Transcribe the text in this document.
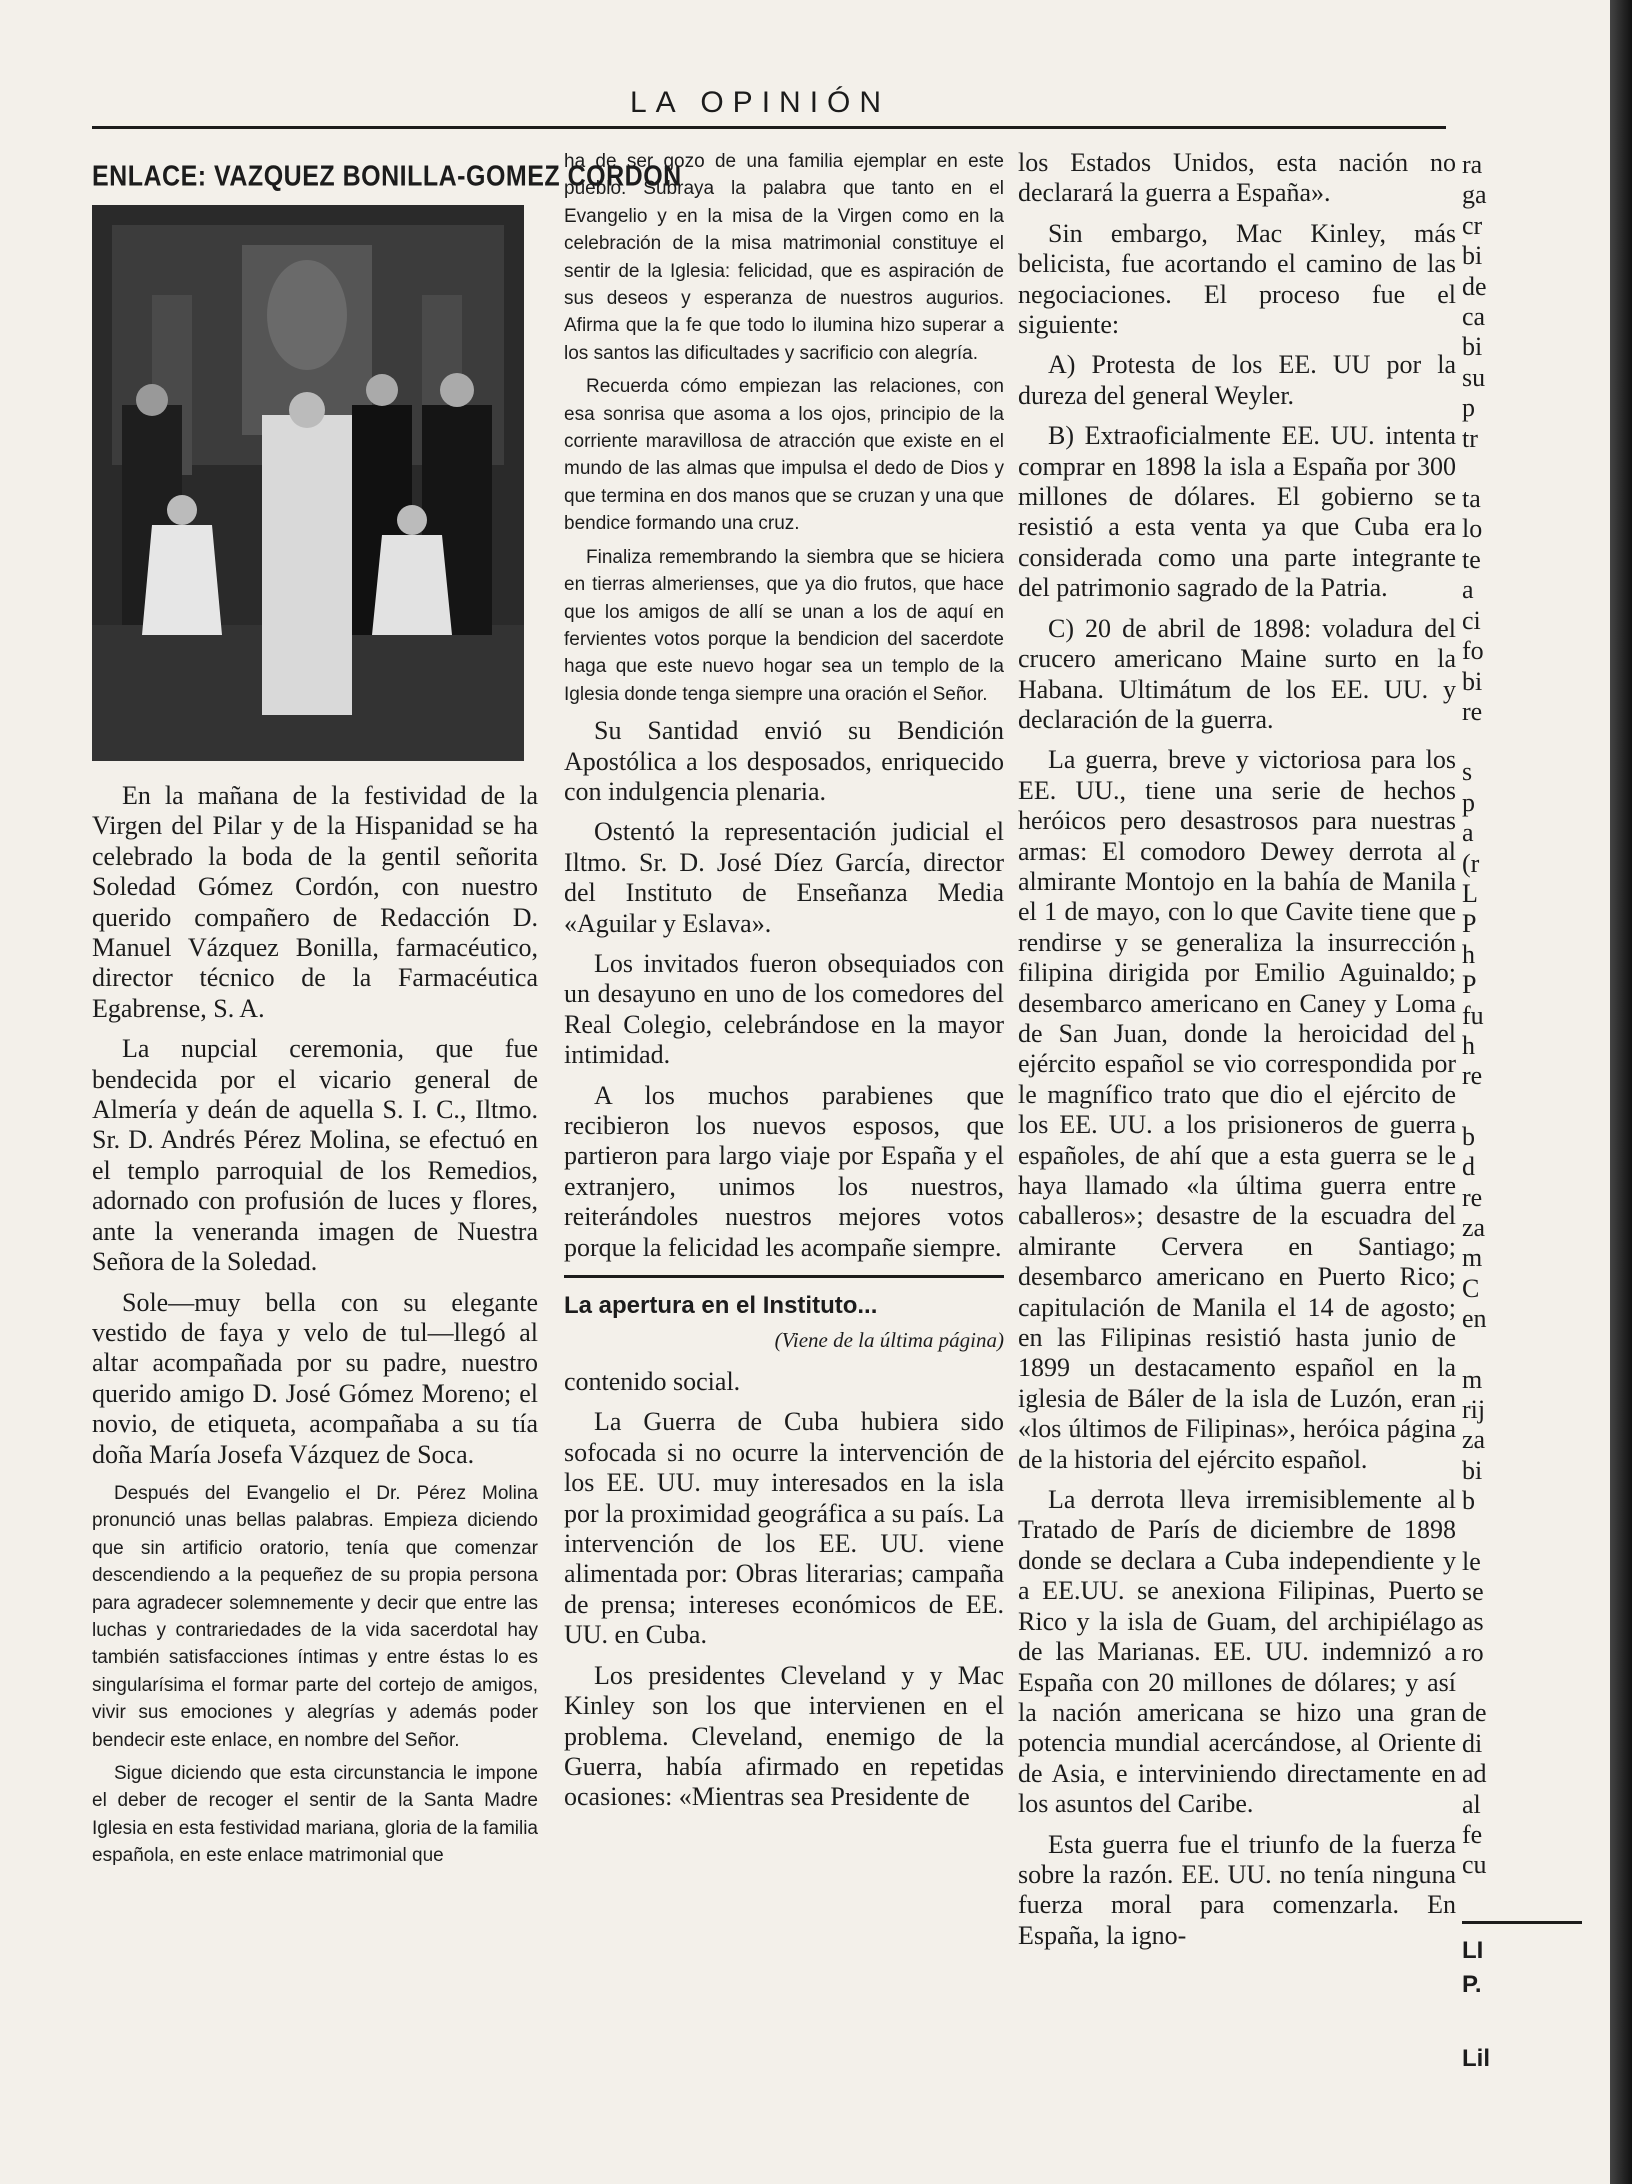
LA OPINIÓN
ENLACE: VAZQUEZ BONILLA-GOMEZ CORDON

En la mañana de la festividad de la Virgen del Pilar y de la Hispanidad se ha celebrado la boda de la gentil señorita Soledad Gómez Cordón, con nuestro querido compañero de Redacción D. Manuel Vázquez Bonilla, farmacéutico, director técnico de la Farmacéutica Egabrense, S. A.

La nupcial ceremonia, que fue bendecida por el vicario general de Almería y deán de aquella S. I. C., Iltmo. Sr. D. Andrés Pérez Molina, se efectuó en el templo parroquial de los Remedios, adornado con profusión de luces y flores, ante la veneranda imagen de Nuestra Señora de la Soledad.

Sole—muy bella con su elegante vestido de faya y velo de tul—llegó al altar acompañada por su padre, nuestro querido amigo D. José Gómez Moreno; el novio, de etiqueta, acompañaba a su tía doña María Josefa Vázquez de Soca.

Después del Evangelio el Dr. Pérez Molina pronunció unas bellas palabras. Empieza diciendo que sin artificio oratorio, tenía que comenzar descendiendo a la pequeñez de su propia persona para agradecer solemnemente y decir que entre las luchas y contrariedades de la vida sacerdotal hay también satisfacciones íntimas y entre éstas lo es singularísima el formar parte del cortejo de amigos, vivir sus emociones y alegrías y además poder bendecir este enlace, en nombre del Señor.

Sigue diciendo que esta circunstancia le impone el deber de recoger el sentir de la Santa Madre Iglesia en esta festividad mariana, gloria de la familia española, en este enlace matrimonial que

ha de ser gozo de una familia ejemplar en este pueblo. Subraya la palabra que tanto en el Evangelio y en la misa de la Virgen como en la celebración de la misa matrimonial constituye el sentir de la Iglesia: felicidad, que es aspiración de sus deseos y esperanza de nuestros augurios. Afirma que la fe que todo lo ilumina hizo superar a los santos las dificultades y sacrificio con alegría.

Recuerda cómo empiezan las relaciones, con esa sonrisa que asoma a los ojos, principio de la corriente maravillosa de atracción que existe en el mundo de las almas que impulsa el dedo de Dios y que termina en dos manos que se cruzan y una que bendice formando una cruz.

Finaliza remembrando la siembra que se hiciera en tierras almerienses, que ya dio frutos, que hace que los amigos de allí se unan a los de aquí en fervientes votos porque la bendicion del sacerdote haga que este nuevo hogar sea un templo de la Iglesia donde tenga siempre una oración el Señor.

Su Santidad envió su Bendición Apostólica a los desposados, enriquecido con indulgencia plenaria.

Ostentó la representación judicial el Iltmo. Sr. D. José Díez García, director del Instituto de Enseñanza Media «Aguilar y Eslava».

Los invitados fueron obsequiados con un desayuno en uno de los comedores del Real Colegio, celebrándose en la mayor intimidad.

A los muchos parabienes que recibieron los nuevos esposos, que partieron para largo viaje por España y el extranjero, unimos los nuestros, reiterándoles nuestros mejores votos porque la felicidad les acompañe siempre.

La apertura en el Instituto...
(Viene de la última página)

contenido social.

La Guerra de Cuba hubiera sido sofocada si no ocurre la intervención de los EE. UU. muy interesados en la isla por la proximidad geográfica a su país. La intervención de los EE. UU. viene alimentada por: Obras literarias; campaña de prensa; intereses económicos de EE. UU. en Cuba.

Los presidentes Cleveland y y Mac Kinley son los que intervienen en el problema. Cleveland, enemigo de la Guerra, había afirmado en repetidas ocasiones: «Mientras sea Presidente de

los Estados Unidos, esta nación no declarará la guerra a España».

Sin embargo, Mac Kinley, más belicista, fue acortando el camino de las negociaciones. El proceso fue el siguiente:

A) Protesta de los EE. UU por la dureza del general Weyler.

B) Extraoficialmente EE. UU. intenta comprar en 1898 la isla a España por 300 millones de dólares. El gobierno se resistió a esta venta ya que Cuba era considerada como una parte integrante del patrimonio sagrado de la Patria.

C) 20 de abril de 1898: voladura del crucero americano Maine surto en la Habana. Ultimátum de los EE. UU. y declaración de la guerra.

La guerra, breve y victoriosa para los EE. UU., tiene una serie de hechos heróicos pero desastrosos para nuestras armas: El comodoro Dewey derrota al almirante Montojo en la bahía de Manila el 1 de mayo, con lo que Cavite tiene que rendirse y se generaliza la insurrección filipina dirigida por Emilio Aguinaldo; desembarco americano en Caney y Loma de San Juan, donde la heroicidad del ejército español se vio correspondida por le magnífico trato que dio el ejército de los EE. UU. a los prisioneros de guerra españoles, de ahí que a esta guerra se le haya llamado «la última guerra entre caballeros»; desastre de la escuadra del almirante Cervera en Santiago; desembarco americano en Puerto Rico; capitulación de Manila el 14 de agosto; en las Filipinas resistió hasta junio de 1899 un destacamento español en la iglesia de Báler de la isla de Luzón, eran «los últimos de Filipinas», heróica página de la historia del ejército español.

La derrota lleva irremisiblemente al Tratado de París de diciembre de 1898 donde se declara a Cuba independiente y a EE.UU. se anexiona Filipinas, Puerto Rico y la isla de Guam, del archipiélago de las Marianas. EE. UU. indemnizó a España con 20 millones de dólares; y así la nación americana se hizo una gran potencia mundial acercándose, al Oriente de Asia, e interviniendo directamente en los asuntos del Caribe.

Esta guerra fue el triunfo de la fuerza sobre la razón. EE. UU. no tenía ninguna fuerza moral para comenzarla. En España, la igno-

ra
ga
cr
bi
de
ca
bi
su
p
tr
ta
lo
te
a
ci
fo
bi
re
s
p
a
(r
L
P
h
P
fu
h
re
b
d
re
za
m
C
en
m
rij
za
bi
b
le
se
as
ro
de
di
ad
al
fe
cu
LI
P.
Lil
